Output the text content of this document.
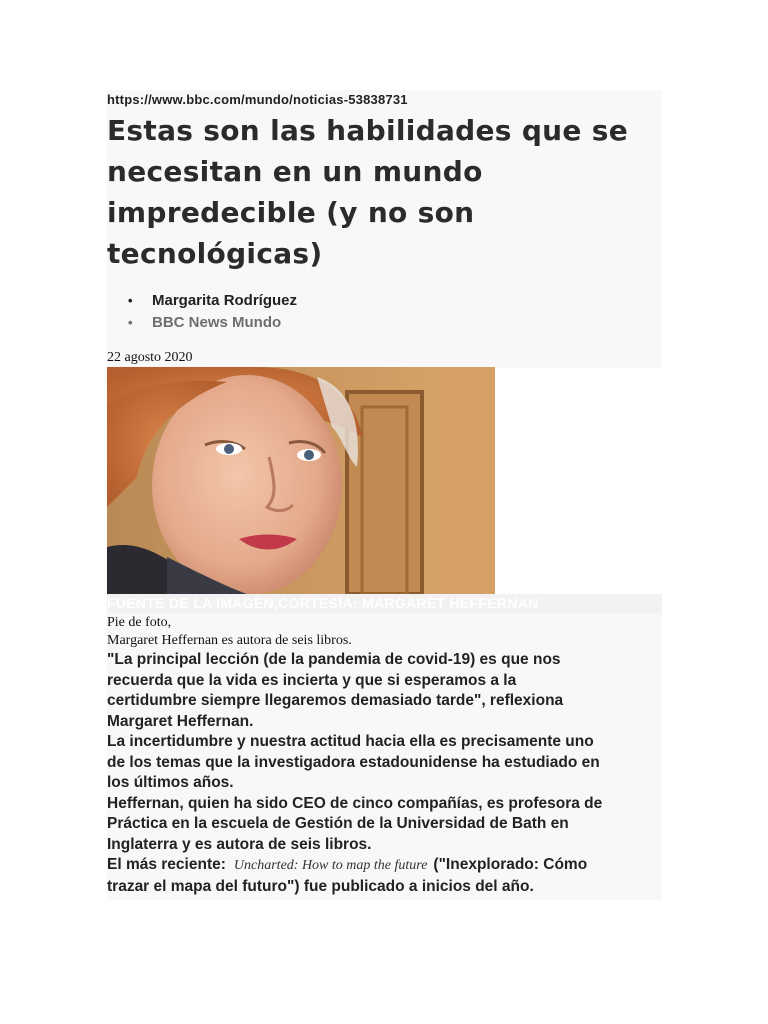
https://www.bbc.com/mundo/noticias-53838731
Estas son las habilidades que se
necesitan en un mundo
impredecible (y no son
tecnológicas)
• Margarita Rodríguez
• BBC News Mundo
22 agosto 2020
FUENTE DE LA IMAGEN,CORTESÍA: MARGARET HEFFERNAN
Pie de foto,
Margaret Heffernan es autora de seis libros.

"La principal lección (de la pandemia de covid-19) es que nos
recuerda que la vida es incierta y que si esperamos a la
certidumbre siempre llegaremos demasiado tarde", reflexiona
Margaret Heffernan.

La incertidumbre y nuestra actitud hacia ella es precisamente uno
de los temas que la investigadora estadounidense ha estudiado en
los últimos años.

Heffernan, quien ha sido CEO de cinco compañías, es profesora de
Práctica en la escuela de Gestión de la Universidad de Bath en
Inglaterra y es autora de seis libros.

El más reciente: Uncharted: How to map the future ("Inexplorado: Cómo
trazar el mapa del futuro") fue publicado a inicios del año.
